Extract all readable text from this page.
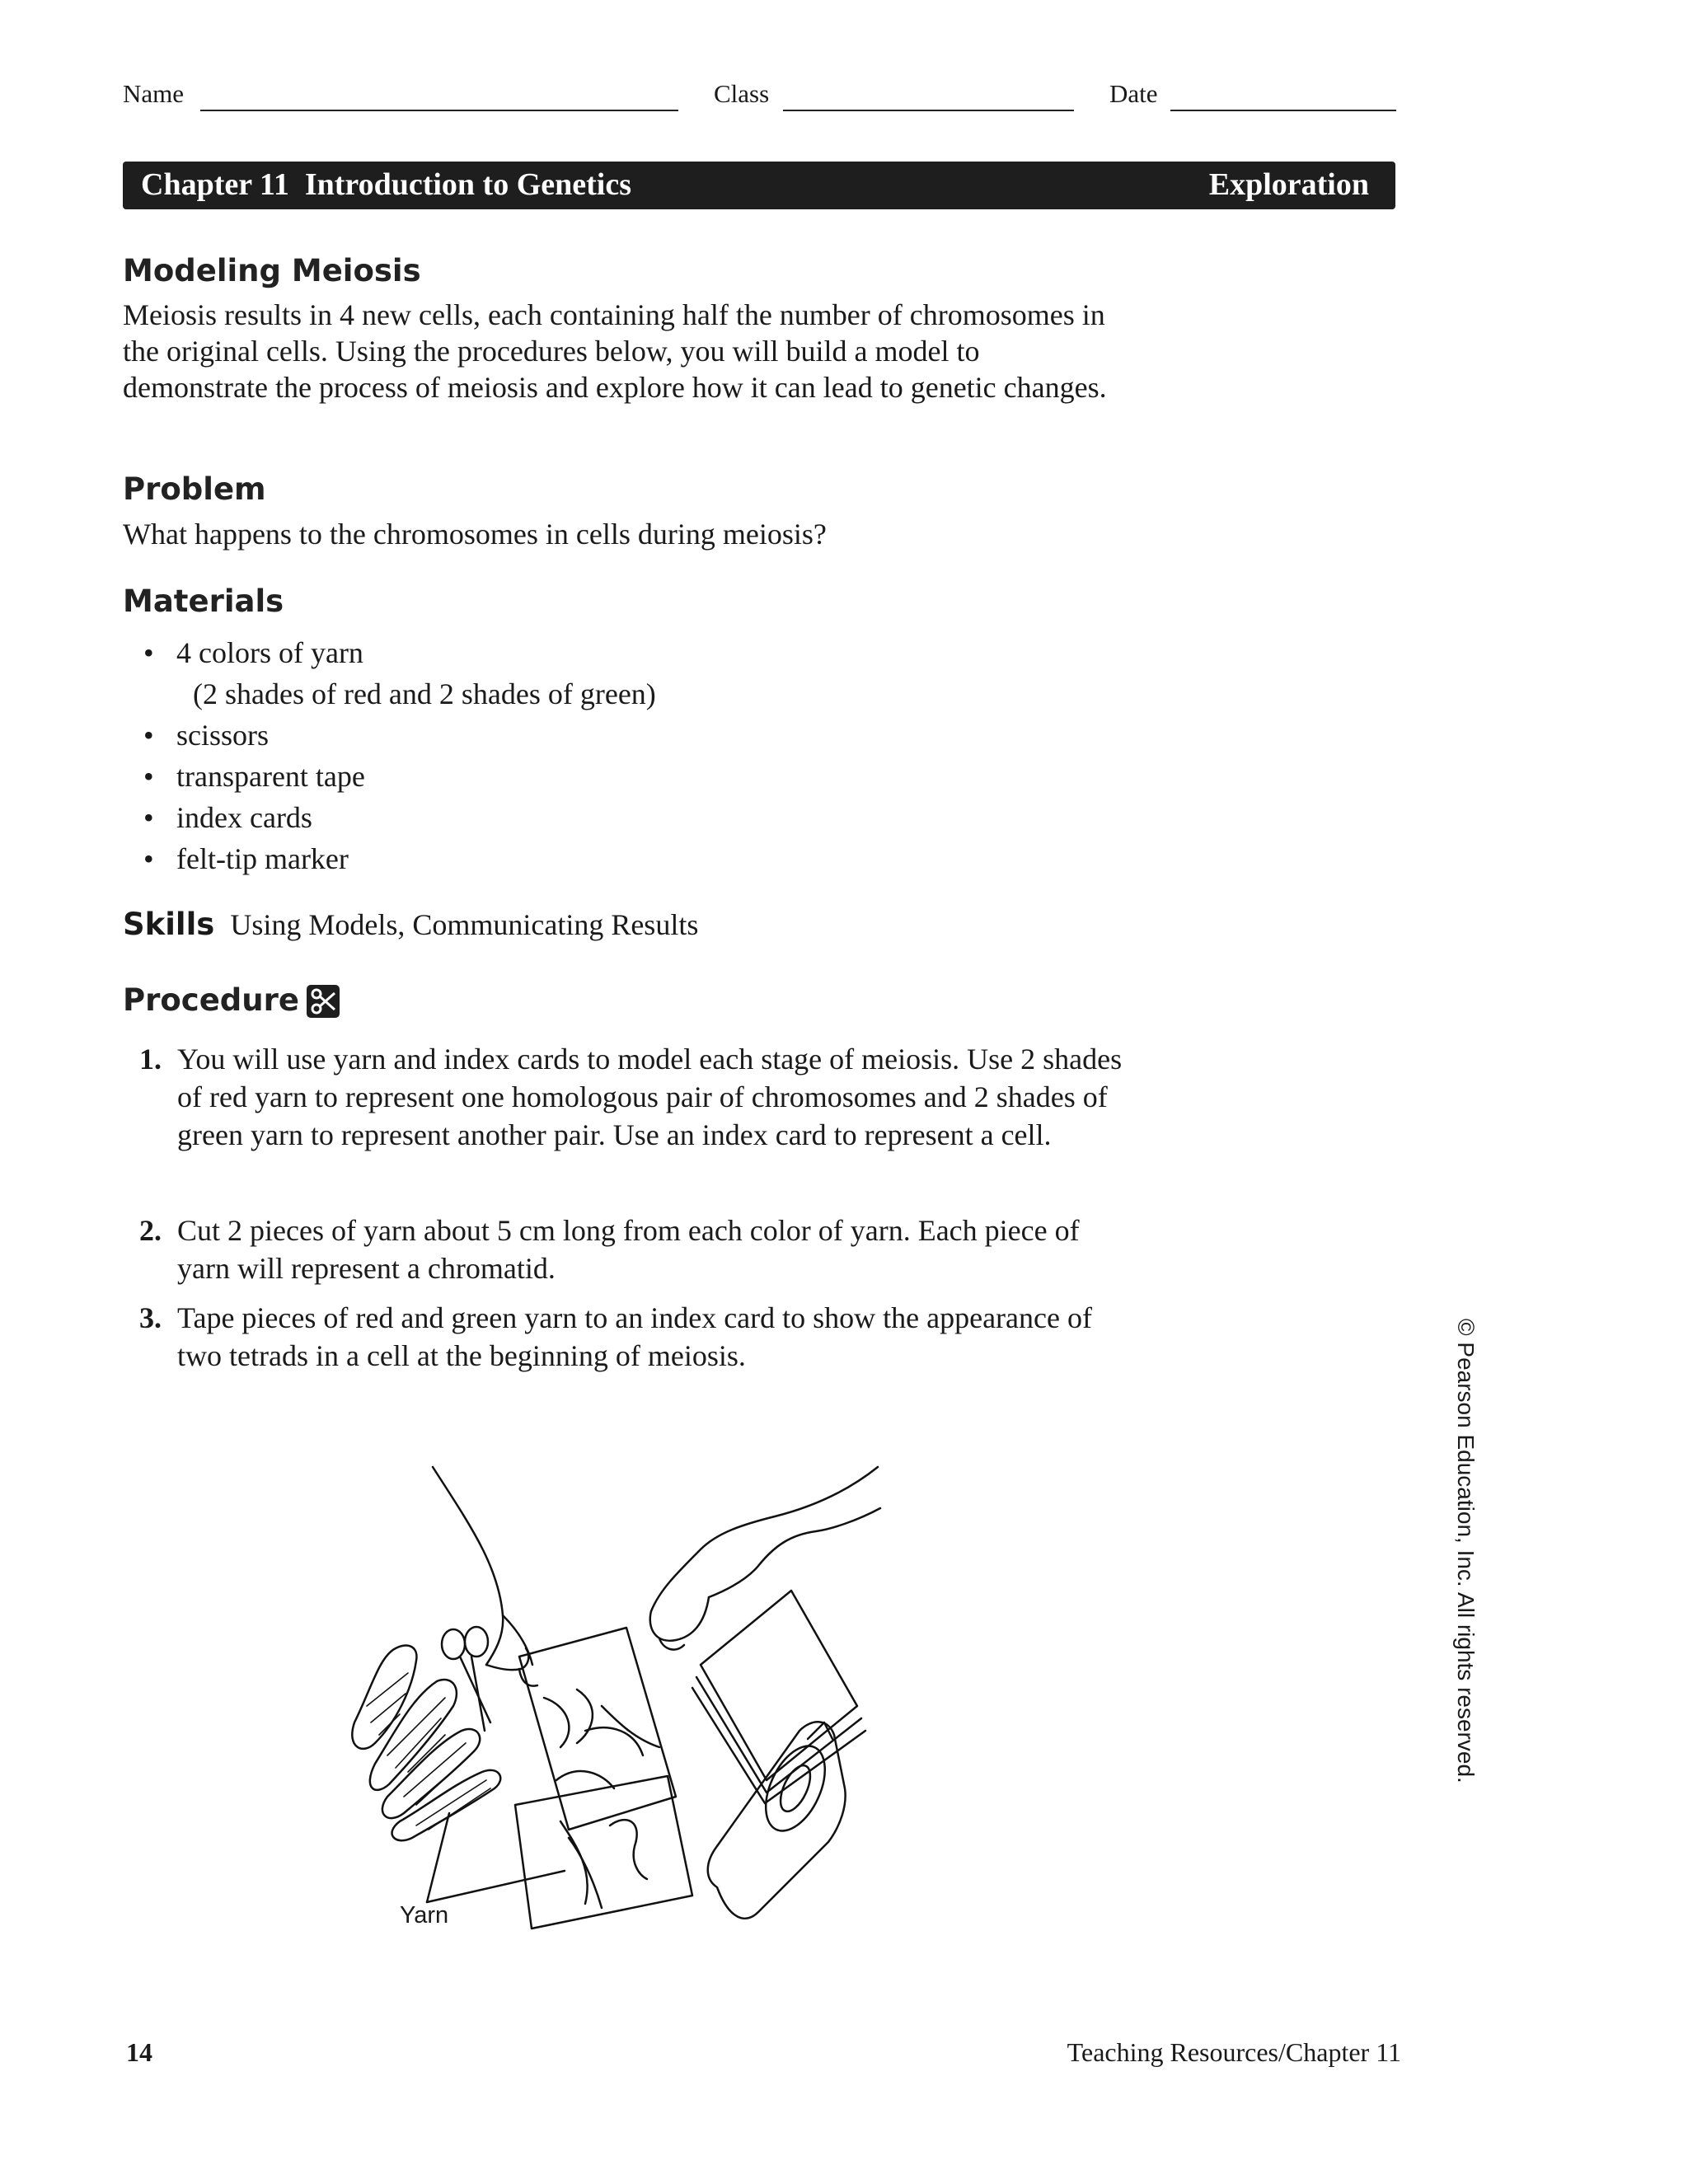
Name	Class	Date
Chapter 11  Introduction to Genetics	Exploration
Modeling Meiosis

Meiosis results in 4 new cells, each containing half the number of chromosomes in the original cells. Using the procedures below, you will build a model to demonstrate the process of meiosis and explore how it can lead to genetic changes.

Problem

What happens to the chromosomes in cells during meiosis?

Materials
• 4 colors of yarn
(2 shades of red and 2 shades of green)
• scissors
• transparent tape
• index cards
• felt-tip marker
Skills Using Models, Communicating Results
Procedure
1. You will use yarn and index cards to model each stage of meiosis. Use 2 shades of red yarn to represent one homologous pair of chromosomes and 2 shades of green yarn to represent another pair. Use an index card to represent a cell.
2. Cut 2 pieces of yarn about 5 cm long from each color of yarn. Each piece of yarn will represent a chromatid.
3. Tape pieces of red and green yarn to an index card to show the appearance of two tetrads in a cell at the beginning of meiosis.
Yarn
© Pearson Education, Inc. All rights reserved.
14	Teaching Resources/Chapter 11
